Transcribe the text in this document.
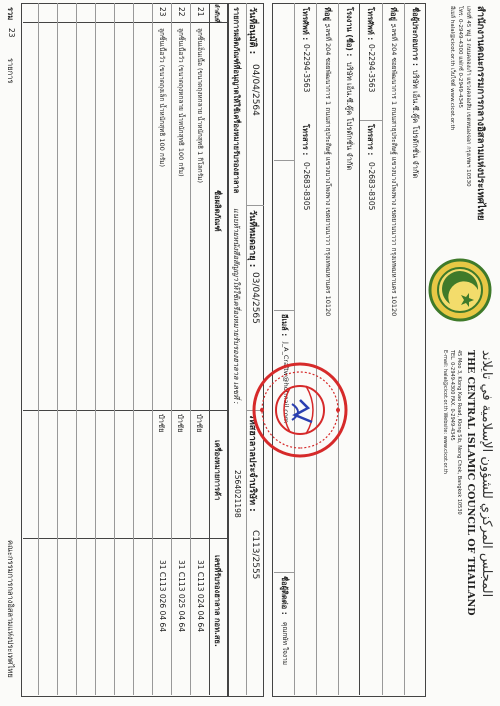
สำนักงานคณะกรรมการกลางอิสลามแห่งประเทศไทย
เลขที่ 45 หมู่ 3 ถนนคลองเก้า แขวงคลองสิบ เขตหนองจอก กรุงเทพฯ 10530
โทร. 0-2949-4300 แฟกซ์ 0-2949-4345
อีเมล์ halal@cicot.or.th เว็บไซต์ www.cicot.or.th
المجلس المركزي للشؤون الإسلامية في تايلاند
THE CENTRAL ISLAMIC COUNCIL OF THAILAND
45 Moo 3, Klong Kao Road, Klong Sib, Nong Chok, Bangkok 10530
TEL. 0-2949-4300 FAX. 0-2949-4345
E-mail: halal@cicot.or.th Website: www.cicot.or.th
ชื่อผู้ประกอบการ :
บริษัท เอ็น.ซี.คู๊ค โปรดักชั่น จำกัด
ที่อยู่ :
เลขที่ 204 ซอยพัฒนาการ 1 ถนนสาธุประดิษฐ์ แขวงบางโพงพาง เขตยานนาวา กรุงเทพมหานคร 10120
โทรศัพท์ :
0-2294-3563
โทรสาร :
0-2683-8305
โรงงาน (ชื่อ) :
บริษัท เอ็น.ซี.คู๊ค โปรดักชั่น จำกัด
ที่อยู่ :
เลขที่ 204 ซอยพัฒนาการ 1 ถนนสาธุประดิษฐ์ แขวงบางโพงพาง เขตยานนาวา กรุงเทพมหานคร 10120
โทรศัพท์ :
0-2294-3563
โทรสาร :
0-2683-8305
อีเมล์ :
J_A_Craftw@hotmail.com
ชื่อผู้ติดต่อ :
คุณกษัท ใจงาม
วันที่อนุมัติ :
04/04/2564
วันที่หมดอายุ :
03/04/2565
รหัสฮาลาลประจำบริษัท :
C113/2555
รายการผลิตภัณฑ์ที่อนุญาตให้ใช้เครื่องหมายรับรองฮาลาล
แนบท้ายหนังสือสัญญาให้ใช้เครื่องหมายรับรองฮาลาล เลขที่ :
2564021198
ลำดับที่
ชื่อผลิตภัณฑ์
เครื่องหมายการค้า
เลขที่รับรองฮาลาล กอท.สธ.
21
ลูกชิ้นเอ็นเนื้อ (ขนาดถุงหกลาย น้ำหนักสุทธิ 1 กิโลกรัม)
ปำชัย
31 C113 024 04 64
22
ลูกชิ้นเนื้อวัว (ขนาดถุงหกลาย น้ำหนักสุทธิ 100 กรัม)
ปำชัย
31 C113 025 04 64
23
ลูกชิ้นเนื้อวัว (ขนาดถุงเล็ก น้ำหนักสุทธิ 100 กรัม)
ปำชัย
31 C113 026 04 64
รวม
23
รายการ
คณะกรรมการกลางอิสลามแห่งประเทศไทย
